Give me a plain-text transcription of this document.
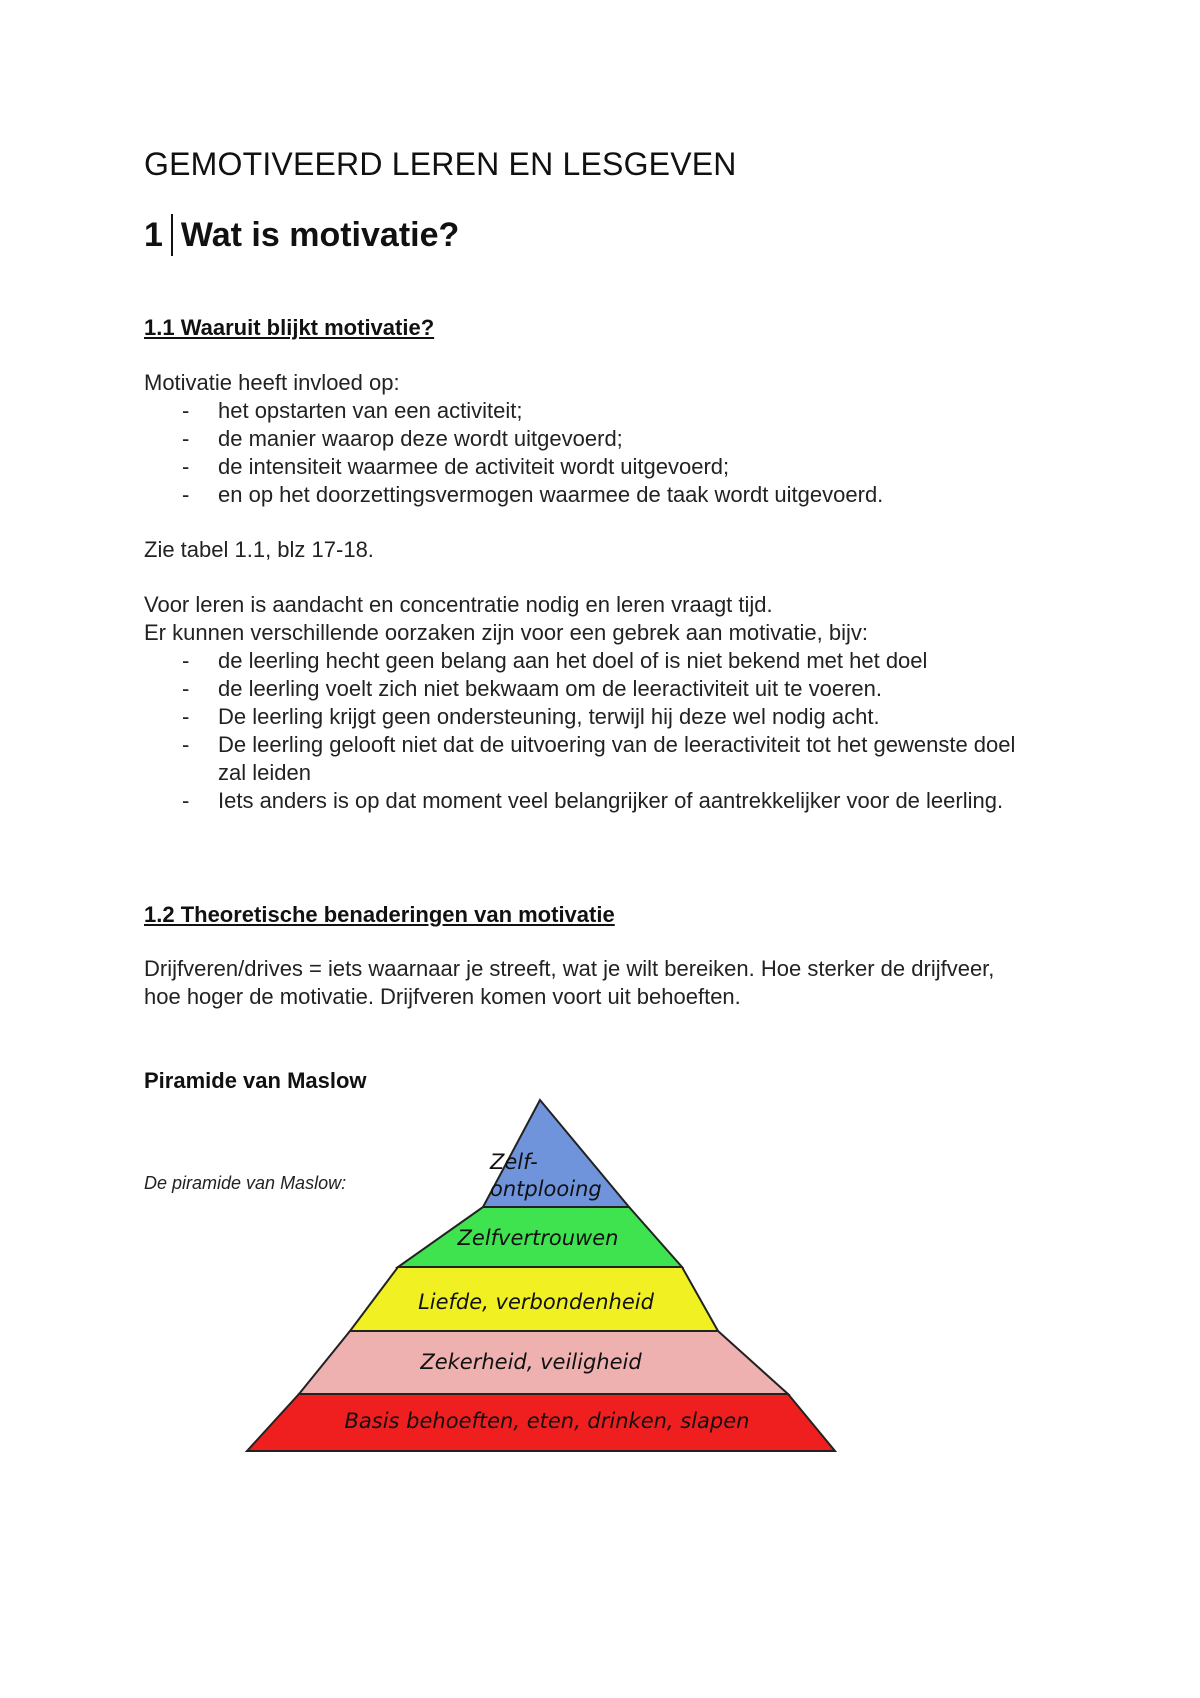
GEMOTIVEERD LEREN EN LESGEVEN
1 Wat is motivatie?
1.1 Waaruit blijkt motivatie?

Motivatie heeft invloed op:

- het opstarten van een activiteit;
- de manier waarop deze wordt uitgevoerd;
- de intensiteit waarmee de activiteit wordt uitgevoerd;
- en op het doorzettingsvermogen waarmee de taak wordt uitgevoerd.

Zie tabel 1.1, blz 17-18.

Voor leren is aandacht en concentratie nodig en leren vraagt tijd.

Er kunnen verschillende oorzaken zijn voor een gebrek aan motivatie, bijv:

- de leerling hecht geen belang aan het doel of is niet bekend met het doel
- de leerling voelt zich niet bekwaam om de leeractiviteit uit te voeren.
- De leerling krijgt geen ondersteuning, terwijl hij deze wel nodig acht.
- De leerling gelooft niet dat de uitvoering van de leeractiviteit tot het gewenste doel zal leiden
- Iets anders is op dat moment veel belangrijker of aantrekkelijker voor de leerling.
1.2 Theoretische benaderingen van motivatie

Drijfveren/drives = iets waarnaar je streeft, wat je wilt bereiken. Hoe sterker de drijfveer, hoe hoger de motivatie. Drijfveren komen voort uit behoeften.

Piramide van Maslow

De piramide van Maslow:

Zelf-
ontplooing
Zelfvertrouwen
Liefde, verbondenheid
Zekerheid, veiligheid
Basis behoeften, eten, drinken, slapen
